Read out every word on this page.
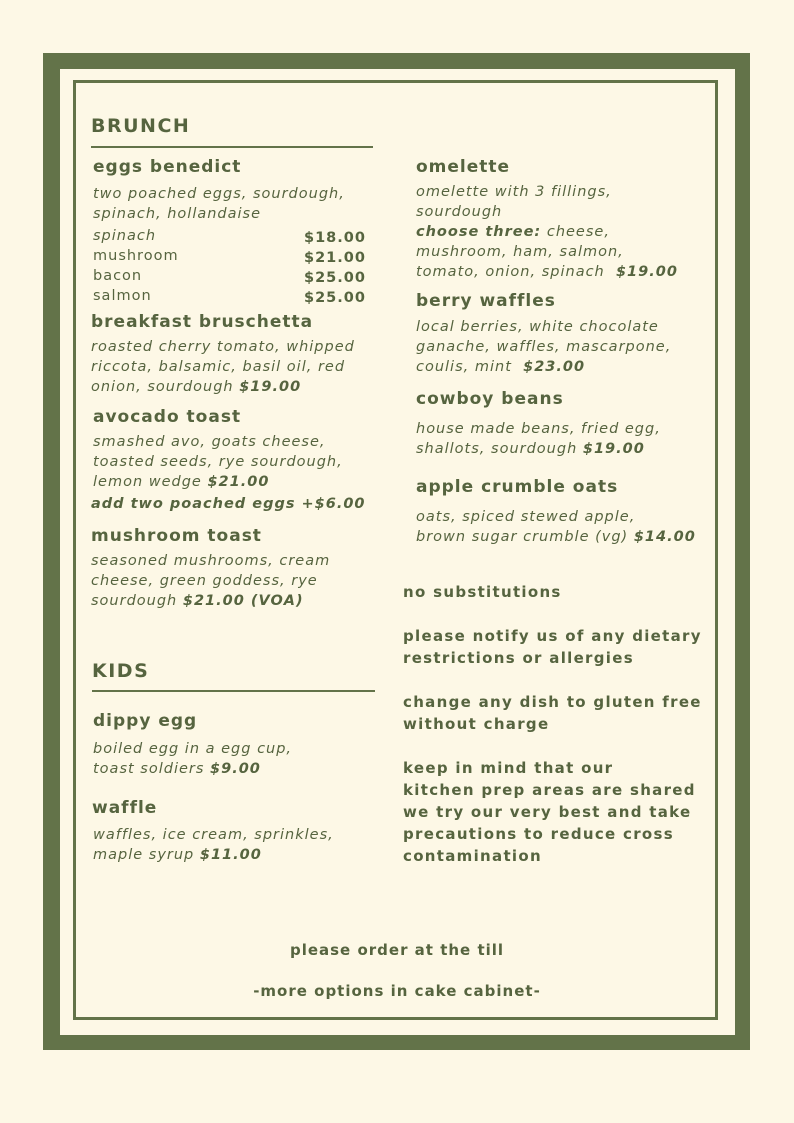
BRUNCH
eggs benedict
two poached eggs, sourdough,
spinach, hollandaise
spinach	$18.00
mushroom	$21.00
bacon	$25.00
salmon	$25.00
breakfast bruschetta
roasted cherry tomato, whipped
riccota, balsamic, basil oil, red
onion, sourdough $19.00
avocado toast
smashed avo, goats cheese,
toasted seeds, rye sourdough,
lemon wedge $21.00
add two poached eggs +$6.00
mushroom toast
seasoned mushrooms, cream
cheese, green goddess, rye
sourdough $21.00 (VOA)
omelette
omelette with 3 fillings,
sourdough
choose three: cheese,
mushroom, ham, salmon,
tomato, onion, spinach $19.00
berry waffles
local berries, white chocolate
ganache, waffles, mascarpone,
coulis, mint $23.00
cowboy beans
house made beans, fried egg,
shallots, sourdough $19.00
apple crumble oats
oats, spiced stewed apple,
brown sugar crumble (vg) $14.00
KIDS
dippy egg
boiled egg in a egg cup,
toast soldiers $9.00
waffle
waffles, ice cream, sprinkles,
maple syrup $11.00
no substitutions
please notify us of any dietary
restrictions or allergies
change any dish to gluten free
without charge
keep in mind that our
kitchen prep areas are shared
we try our very best and take
precautions to reduce cross
contamination
please order at the till
-more options in cake cabinet-
